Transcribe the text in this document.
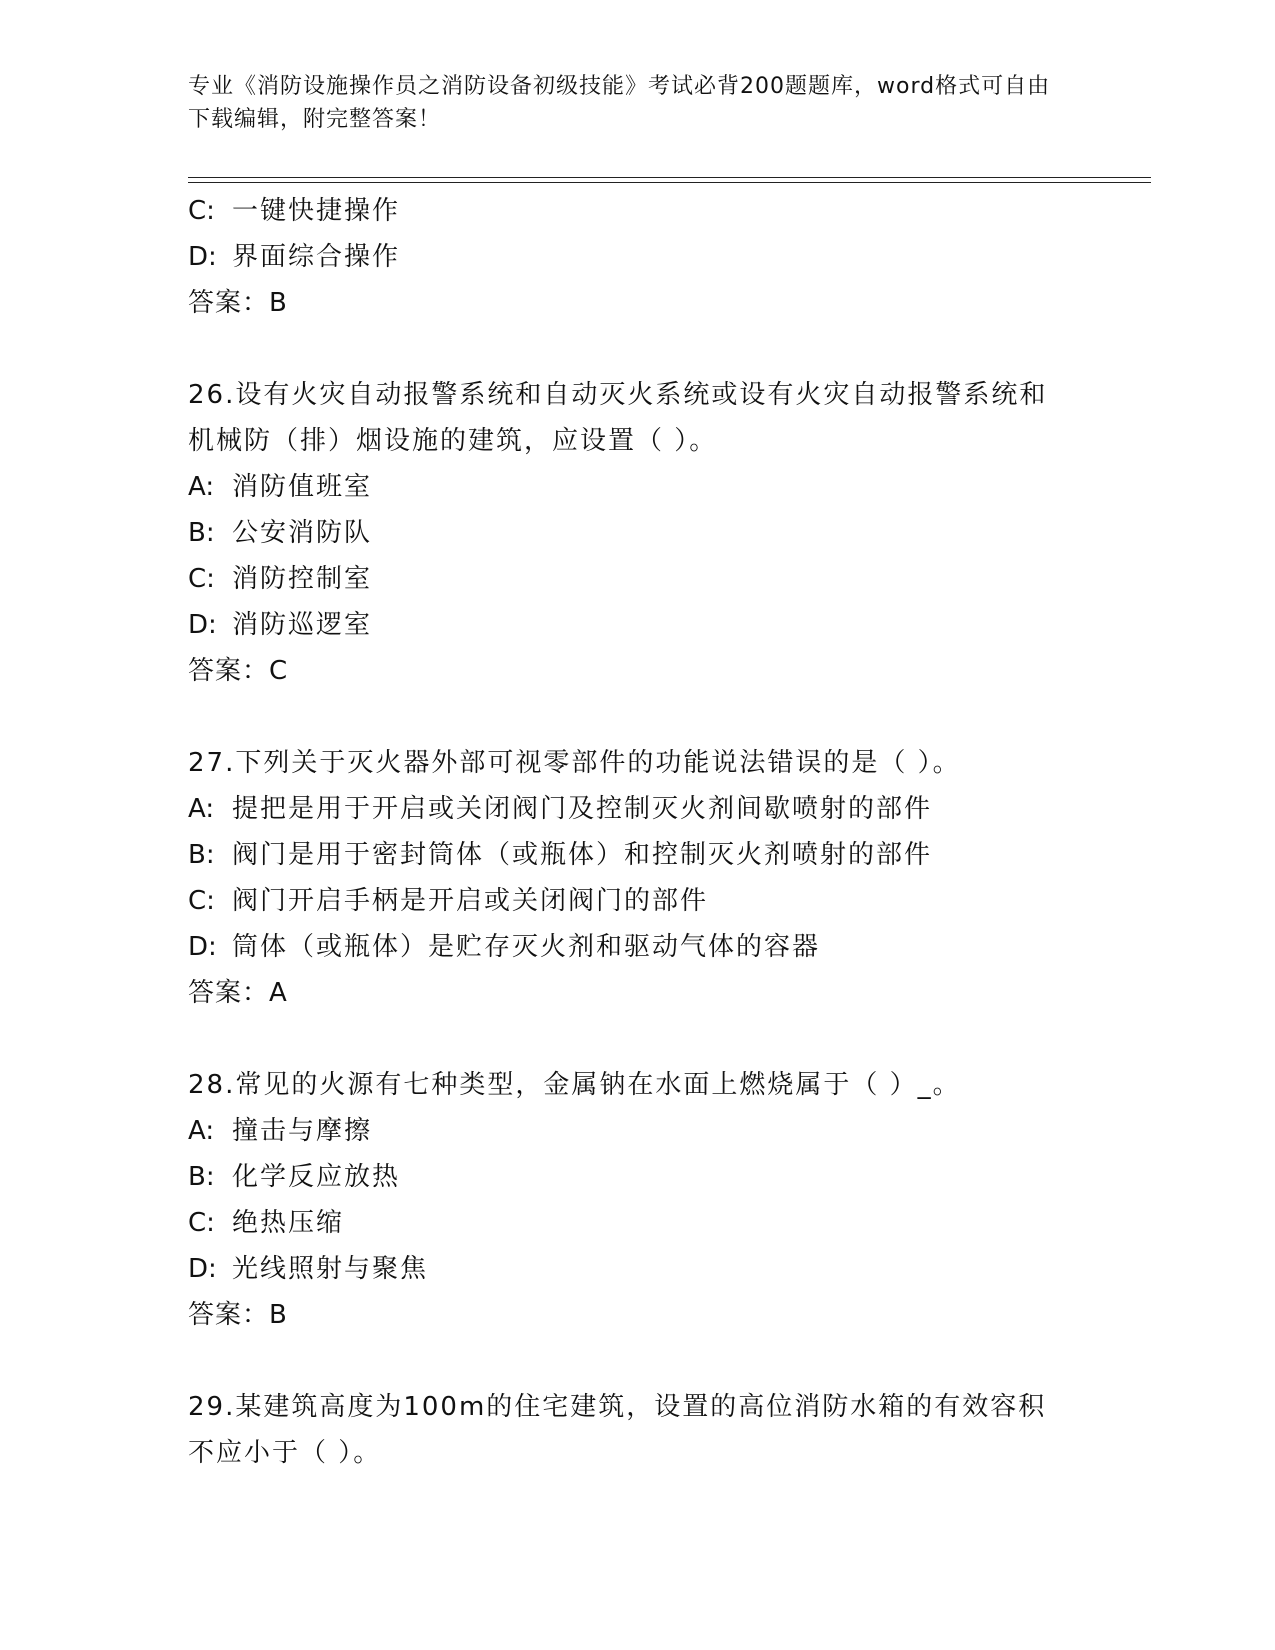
专业《消防设施操作员之消防设备初级技能》考试必背200题题库，word格式可自由下载编辑，附完整答案！
C: 一键快捷操作
D: 界面综合操作
答案：B
26.设有火灾自动报警系统和自动灭火系统或设有火灾自动报警系统和
机械防（排）烟设施的建筑，应设置（ ）。
A: 消防值班室
B: 公安消防队
C: 消防控制室
D: 消防巡逻室
答案：C
27.下列关于灭火器外部可视零部件的功能说法错误的是（ ）。
A: 提把是用于开启或关闭阀门及控制灭火剂间歇喷射的部件
B: 阀门是用于密封筒体（或瓶体）和控制灭火剂喷射的部件
C: 阀门开启手柄是开启或关闭阀门的部件
D: 筒体（或瓶体）是贮存灭火剂和驱动气体的容器
答案：A
28.常见的火源有七种类型，金属钠在水面上燃烧属于（ ）_。
A: 撞击与摩擦
B: 化学反应放热
C: 绝热压缩
D: 光线照射与聚焦
答案：B
29.某建筑高度为100m的住宅建筑，设置的高位消防水箱的有效容积
不应小于（ ）。
